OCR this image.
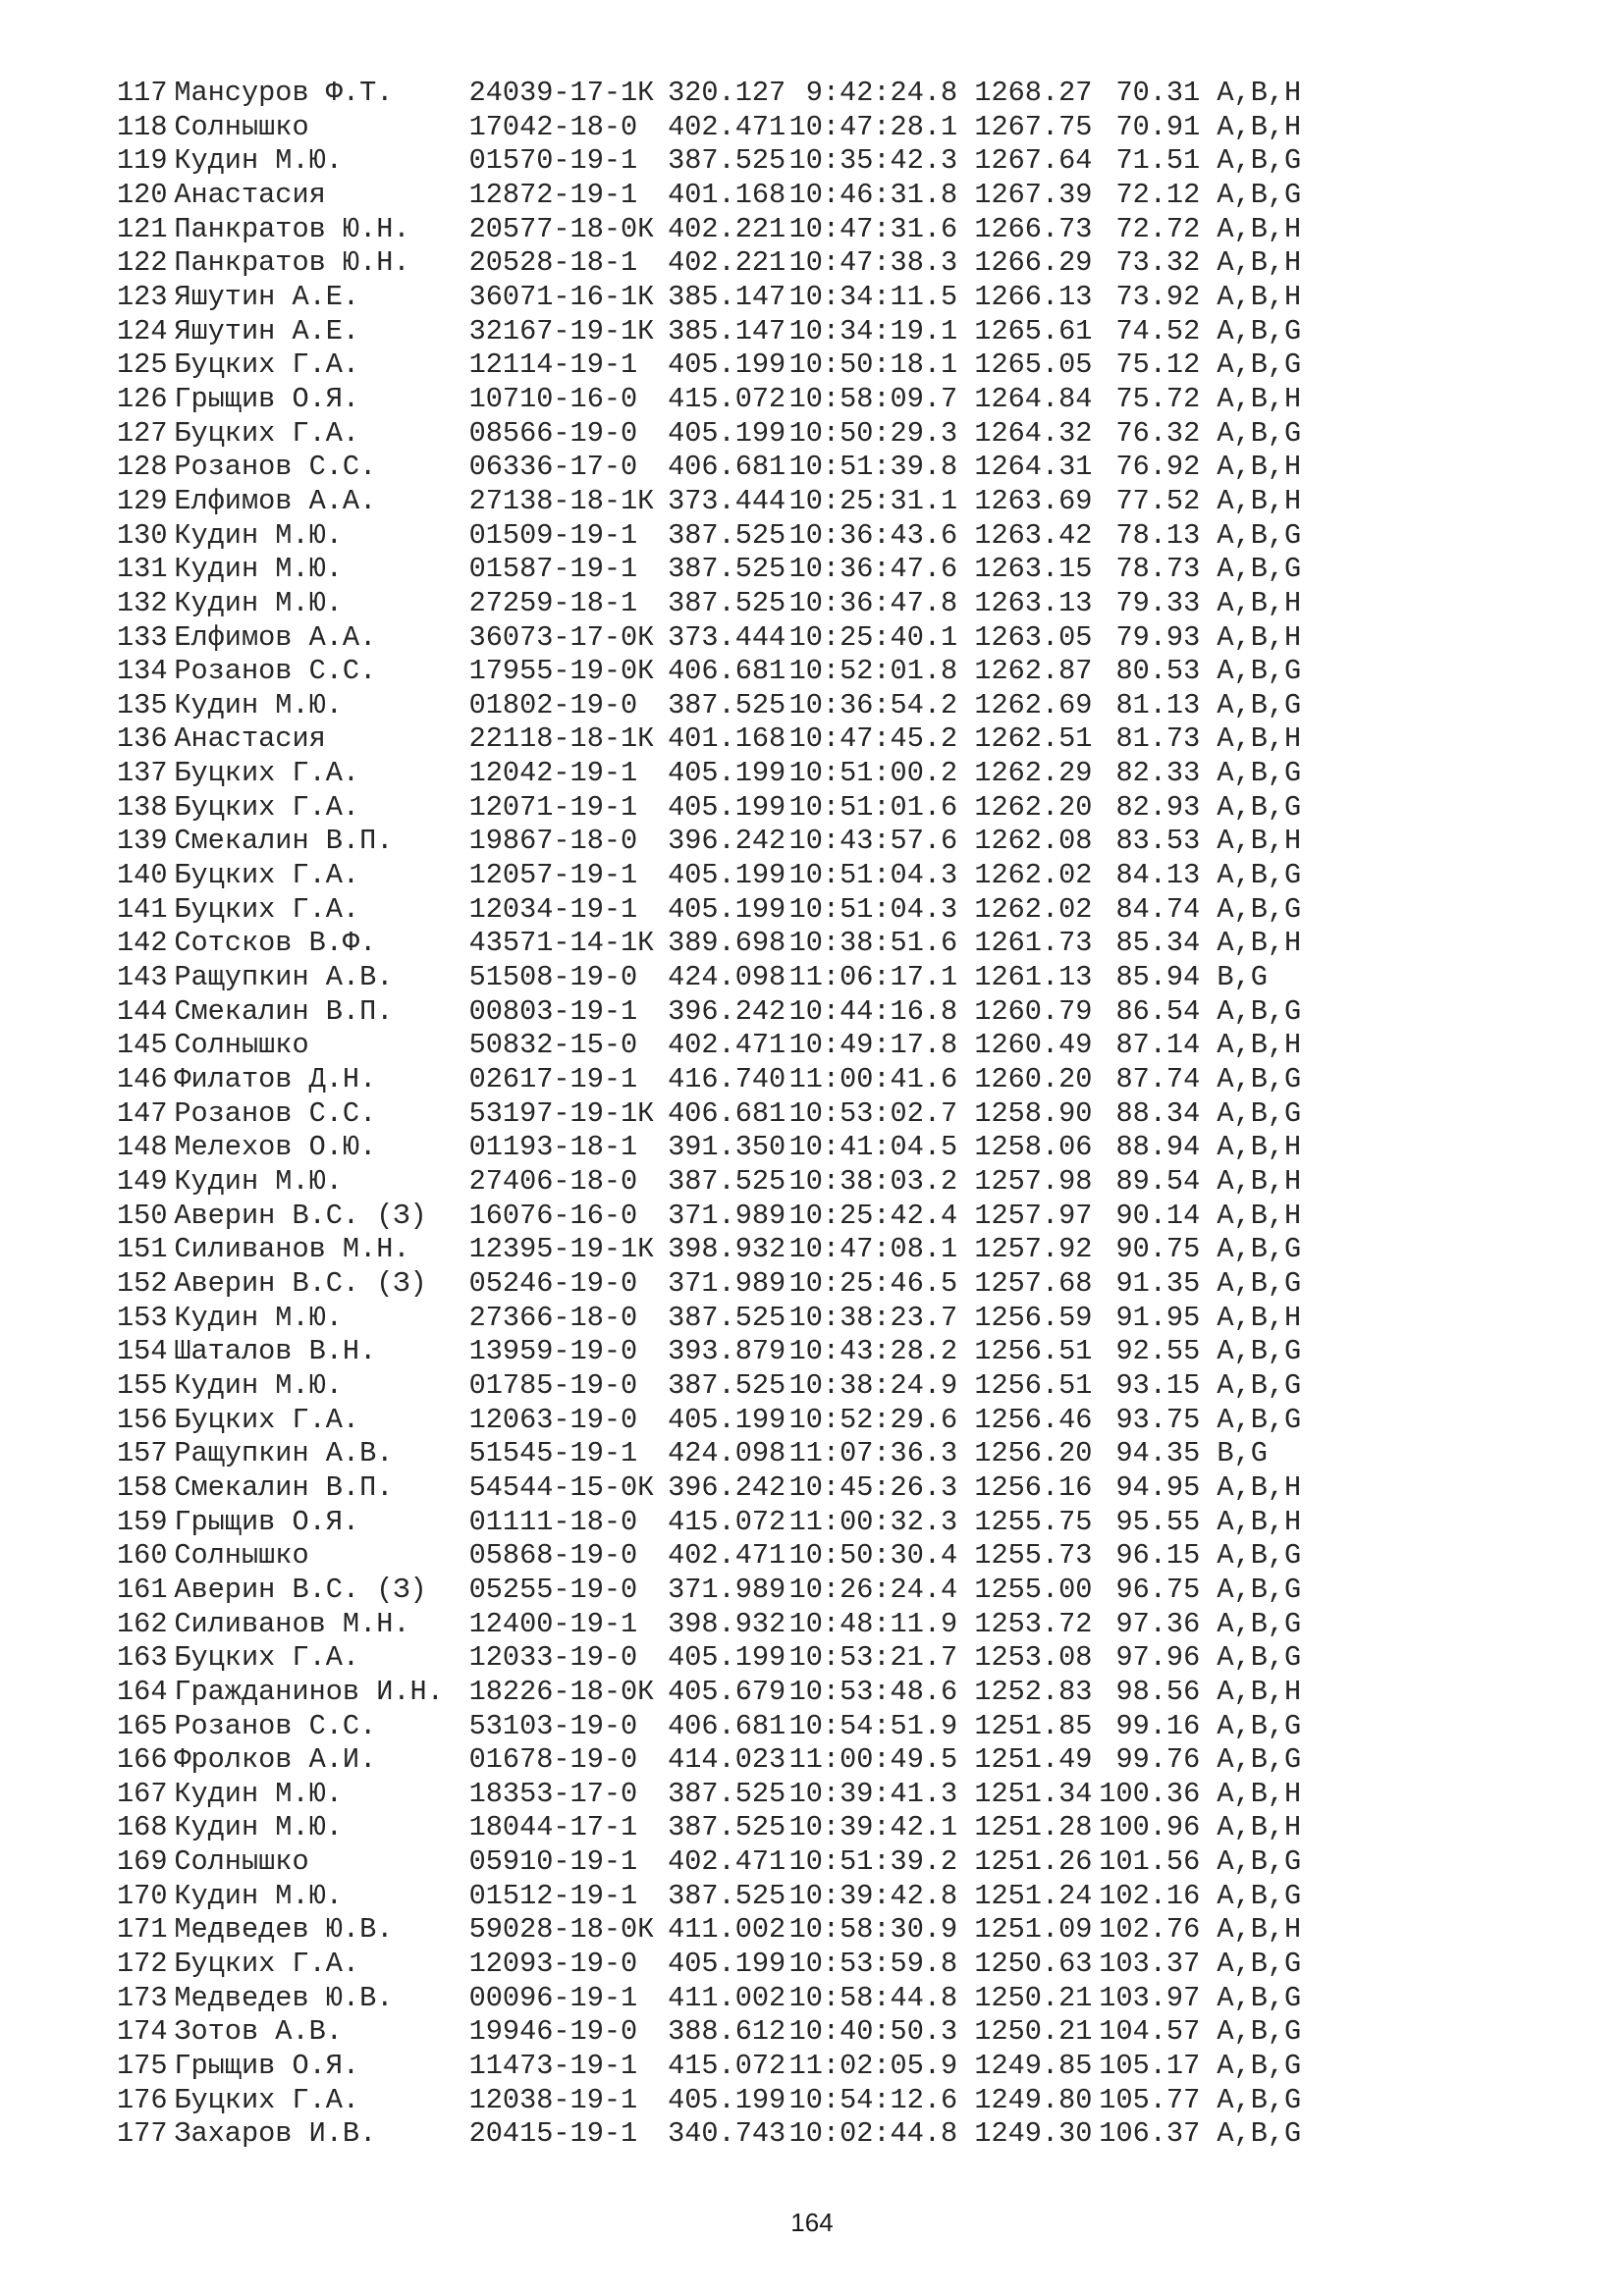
117 Мансуров Ф.Т.	24039-17-1К 320.127 9:42:24.8 1268.27 70.31 A,B,H
118 Солнышко	17042-18-0 402.471 10:47:28.1 1267.75 70.91 A,B,H
119 Кудин М.Ю.	01570-19-1 387.525 10:35:42.3 1267.64 71.51 A,B,G
120 Анастасия	12872-19-1 401.168 10:46:31.8 1267.39 72.12 A,B,G
121 Панкратов Ю.Н. 20577-18-0К 402.221 10:47:31.6 1266.73 72.72 A,B,H
122 Панкратов Ю.Н. 20528-18-1 402.221 10:47:38.3 1266.29 73.32 A,B,H
123 Яшутин А.Е.	36071-16-1К 385.147 10:34:11.5 1266.13 73.92 A,B,H
124 Яшутин А.Е.	32167-19-1К 385.147 10:34:19.1 1265.61 74.52 A,B,G
125 Буцких Г.А.	12114-19-1 405.199 10:50:18.1 1265.05 75.12 A,B,G
126 Грыщив О.Я.	10710-16-0 415.072 10:58:09.7 1264.84 75.72 A,B,H
127 Буцких Г.А.	08566-19-0 405.199 10:50:29.3 1264.32 76.32 A,B,G
128 Розанов С.С.	06336-17-0 406.681 10:51:39.8 1264.31 76.92 A,B,H
129 Елфимов А.А.	27138-18-1К 373.444 10:25:31.1 1263.69 77.52 A,B,H
130 Кудин М.Ю.	01509-19-1 387.525 10:36:43.6 1263.42 78.13 A,B,G
131 Кудин М.Ю.	01587-19-1 387.525 10:36:47.6 1263.15 78.73 A,B,G
132 Кудин М.Ю.	27259-18-1 387.525 10:36:47.8 1263.13 79.33 A,B,H
133 Елфимов А.А.	36073-17-0К 373.444 10:25:40.1 1263.05 79.93 A,B,H
134 Розанов С.С.	17955-19-0К 406.681 10:52:01.8 1262.87 80.53 A,B,G
135 Кудин М.Ю.	01802-19-0 387.525 10:36:54.2 1262.69 81.13 A,B,G
136 Анастасия	22118-18-1К 401.168 10:47:45.2 1262.51 81.73 A,B,H
137 Буцких Г.А.	12042-19-1 405.199 10:51:00.2 1262.29 82.33 A,B,G
138 Буцких Г.А.	12071-19-1 405.199 10:51:01.6 1262.20 82.93 A,B,G
139 Смекалин В.П.	19867-18-0 396.242 10:43:57.6 1262.08 83.53 A,B,H
140 Буцких Г.А.	12057-19-1 405.199 10:51:04.3 1262.02 84.13 A,B,G
141 Буцких Г.А.	12034-19-1 405.199 10:51:04.3 1262.02 84.74 A,B,G
142 Сотсков В.Ф.	43571-14-1К 389.698 10:38:51.6 1261.73 85.34 A,B,H
143 Ращупкин А.В.	51508-19-0 424.098 11:06:17.1 1261.13 85.94 B,G
144 Смекалин В.П.	00803-19-1 396.242 10:44:16.8 1260.79 86.54 A,B,G
145 Солнышко	50832-15-0 402.471 10:49:17.8 1260.49 87.14 A,B,H
146 Филатов Д.Н.	02617-19-1 416.740 11:00:41.6 1260.20 87.74 A,B,G
147 Розанов С.С.	53197-19-1К 406.681 10:53:02.7 1258.90 88.34 A,B,G
148 Мелехов О.Ю.	01193-18-1 391.350 10:41:04.5 1258.06 88.94 A,B,H
149 Кудин М.Ю.	27406-18-0 387.525 10:38:03.2 1257.98 89.54 A,B,H
150 Аверин В.С. (З) 16076-16-0 371.989 10:25:42.4 1257.97 90.14 A,B,H
151 Силиванов М.Н. 12395-19-1К 398.932 10:47:08.1 1257.92 90.75 A,B,G
152 Аверин В.С. (З) 05246-19-0 371.989 10:25:46.5 1257.68 91.35 A,B,G
153 Кудин М.Ю.	27366-18-0 387.525 10:38:23.7 1256.59 91.95 A,B,H
154 Шаталов В.Н.	13959-19-0 393.879 10:43:28.2 1256.51 92.55 A,B,G
155 Кудин М.Ю.	01785-19-0 387.525 10:38:24.9 1256.51 93.15 A,B,G
156 Буцких Г.А.	12063-19-0 405.199 10:52:29.6 1256.46 93.75 A,B,G
157 Ращупкин А.В.	51545-19-1 424.098 11:07:36.3 1256.20 94.35 B,G
158 Смекалин В.П.	54544-15-0К 396.242 10:45:26.3 1256.16 94.95 A,B,H
159 Грыщив О.Я.	01111-18-0 415.072 11:00:32.3 1255.75 95.55 A,B,H
160 Солнышко	05868-19-0 402.471 10:50:30.4 1255.73 96.15 A,B,G
161 Аверин В.С. (З) 05255-19-0 371.989 10:26:24.4 1255.00 96.75 A,B,G
162 Силиванов М.Н. 12400-19-1 398.932 10:48:11.9 1253.72 97.36 A,B,G
163 Буцких Г.А.	12033-19-0 405.199 10:53:21.7 1253.08 97.96 A,B,G
164 Гражданинов И.Н. 18226-18-0К 405.679 10:53:48.6 1252.83 98.56 A,B,H
165 Розанов С.С.	53103-19-0 406.681 10:54:51.9 1251.85 99.16 A,B,G
166 Фролков А.И.	01678-19-0 414.023 11:00:49.5 1251.49 99.76 A,B,G
167 Кудин М.Ю.	18353-17-0 387.525 10:39:41.3 1251.34 100.36 A,B,H
168 Кудин М.Ю.	18044-17-1 387.525 10:39:42.1 1251.28 100.96 A,B,H
169 Солнышко	05910-19-1 402.471 10:51:39.2 1251.26 101.56 A,B,G
170 Кудин М.Ю.	01512-19-1 387.525 10:39:42.8 1251.24 102.16 A,B,G
171 Медведев Ю.В.	59028-18-0К 411.002 10:58:30.9 1251.09 102.76 A,B,H
172 Буцких Г.А.	12093-19-0 405.199 10:53:59.8 1250.63 103.37 A,B,G
173 Медведев Ю.В.	00096-19-1 411.002 10:58:44.8 1250.21 103.97 A,B,G
174 Зотов А.В.	19946-19-0 388.612 10:40:50.3 1250.21 104.57 A,B,G
175 Грыщив О.Я.	11473-19-1 415.072 11:02:05.9 1249.85 105.17 A,B,G
176 Буцких Г.А.	12038-19-1 405.199 10:54:12.6 1249.80 105.77 A,B,G
177 Захаров И.В.	20415-19-1 340.743 10:02:44.8 1249.30 106.37 A,B,G
164
